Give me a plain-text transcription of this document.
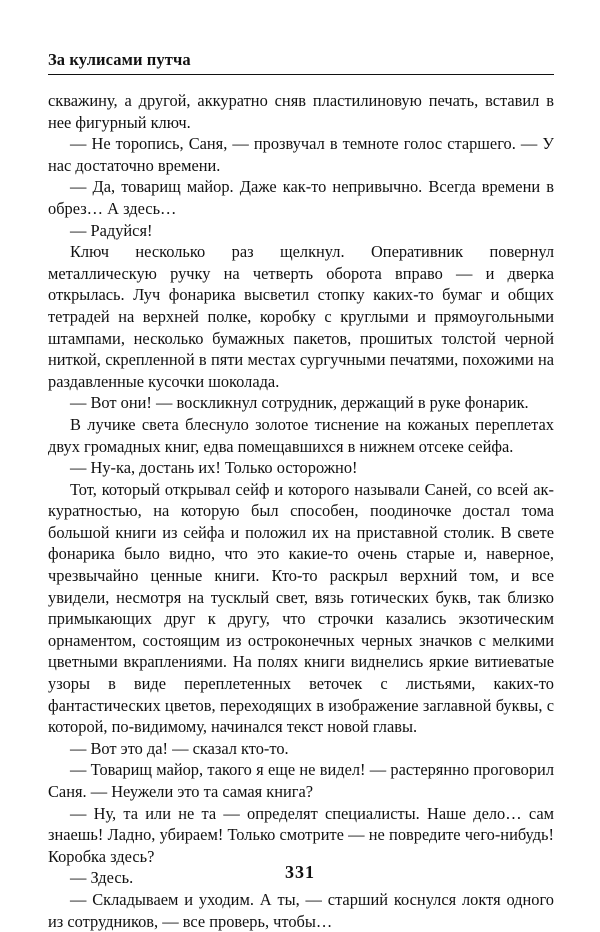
За кулисами путча

скважину, а другой, аккуратно сняв пластилиновую печать, вставил в нее фигурный ключ.

— Не торопись, Саня, — прозвучал в темноте голос старшего. — У нас достаточно времени.

— Да, товарищ майор. Даже как-то непривычно. Всегда времени в обрез… А здесь…

— Радуйся!

Ключ несколько раз щелкнул. Оперативник повернул металлическую ручку на четверть оборота вправо — и дверка открылась. Луч фонарика высветил стопку каких-то бумаг и общих тетрадей на верхней полке, коробку с круглыми и прямоугольными штампами, несколько бумажных пакетов, прошитых толстой черной ниткой, скрепленной в пяти местах сургучными печатями, похожими на раздавленные кусочки шоколада.

— Вот они! — воскликнул сотрудник, держащий в руке фонарик.

В лучике света блеснуло золотое тиснение на кожаных переплетах двух громадных книг, едва помещавшихся в нижнем отсеке сейфа.

— Ну-ка, достань их! Только осторожно!

Тот, который открывал сейф и которого называли Саней, со всей аккуратностью, на которую был способен, поодиночке достал тома большой книги из сейфа и положил их на приставной столик. В свете фонарика было видно, что это какие-то очень старые и, наверное, чрезвычайно ценные книги. Кто-то раскрыл верхний том, и все увидели, несмотря на тусклый свет, вязь готических букв, так близко примыкающих друг к другу, что строчки казались экзотическим орнаментом, состоящим из остроконечных черных значков с мелкими цветными вкраплениями. На полях книги виднелись яркие витиеватые узоры в виде переплетенных веточек с листьями, каких-то фантастических цветов, переходящих в изображение заглавной буквы, с которой, по-видимому, начинался текст новой главы.

— Вот это да! — сказал кто-то.

— Товарищ майор, такого я еще не видел! — растерянно проговорил Саня. — Неужели это та самая книга?

— Ну, та или не та — определят специалисты. Наше дело… сам знаешь! Ладно, убираем! Только смотрите — не повредите чего-нибудь! Коробка здесь?

— Здесь.

— Складываем и уходим. А ты, — старший коснулся локтя одного из сотрудников, — все проверь, чтобы…

331
